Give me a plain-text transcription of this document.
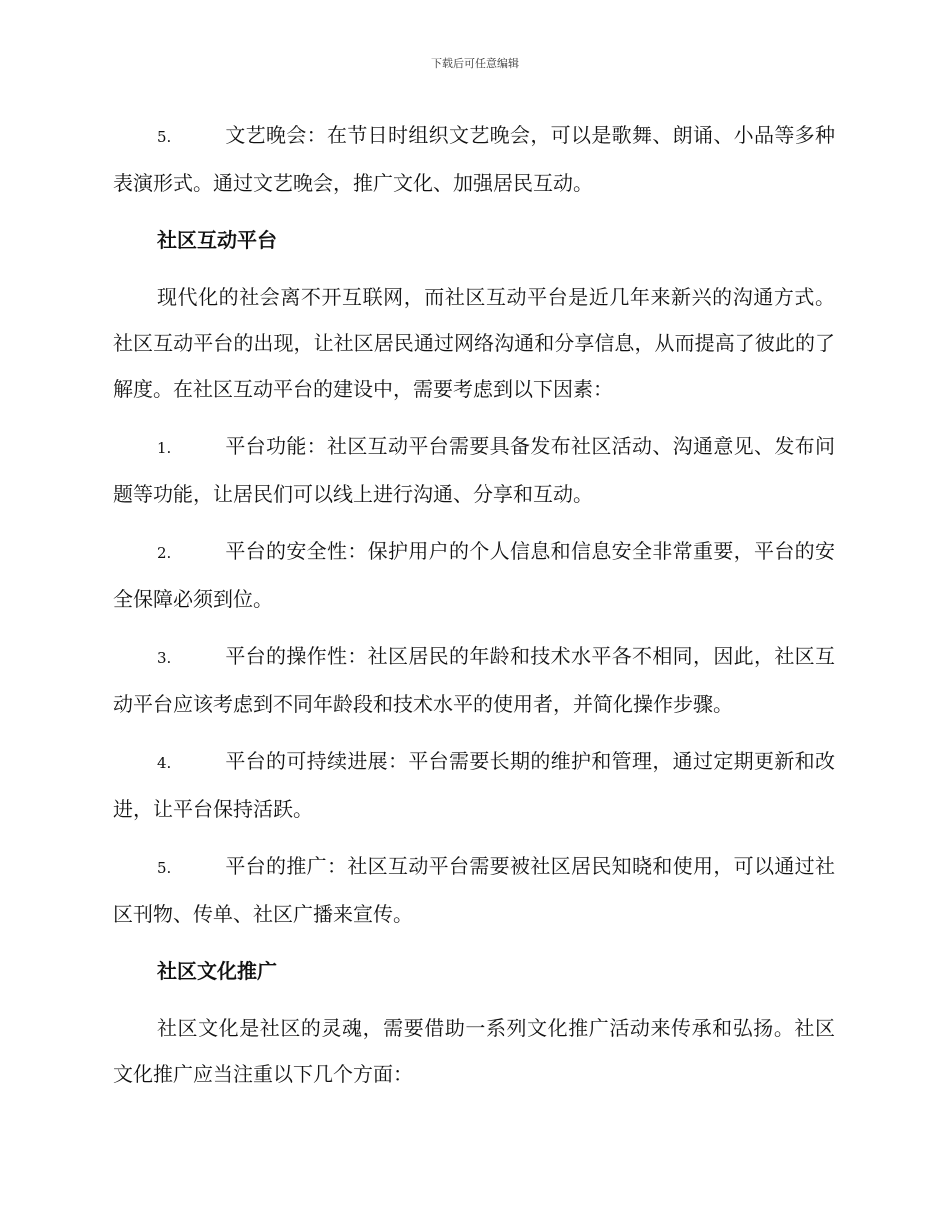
下载后可任意编辑

5.	文艺晚会：在节日时组织文艺晚会，可以是歌舞、朗诵、小品等多种表演形式。通过文艺晚会，推广文化、加强居民互动。

社区互动平台

现代化的社会离不开互联网，而社区互动平台是近几年来新兴的沟通方式。社区互动平台的出现，让社区居民通过网络沟通和分享信息，从而提高了彼此的了解度。在社区互动平台的建设中，需要考虑到以下因素：

1.	平台功能：社区互动平台需要具备发布社区活动、沟通意见、发布问题等功能，让居民们可以线上进行沟通、分享和互动。

2.	平台的安全性：保护用户的个人信息和信息安全非常重要，平台的安全保障必须到位。

3.	平台的操作性：社区居民的年龄和技术水平各不相同，因此，社区互动平台应该考虑到不同年龄段和技术水平的使用者，并简化操作步骤。

4.	平台的可持续进展：平台需要长期的维护和管理，通过定期更新和改进，让平台保持活跃。

5.	平台的推广：社区互动平台需要被社区居民知晓和使用，可以通过社区刊物、传单、社区广播来宣传。

社区文化推广

社区文化是社区的灵魂，需要借助一系列文化推广活动来传承和弘扬。社区文化推广应当注重以下几个方面：
